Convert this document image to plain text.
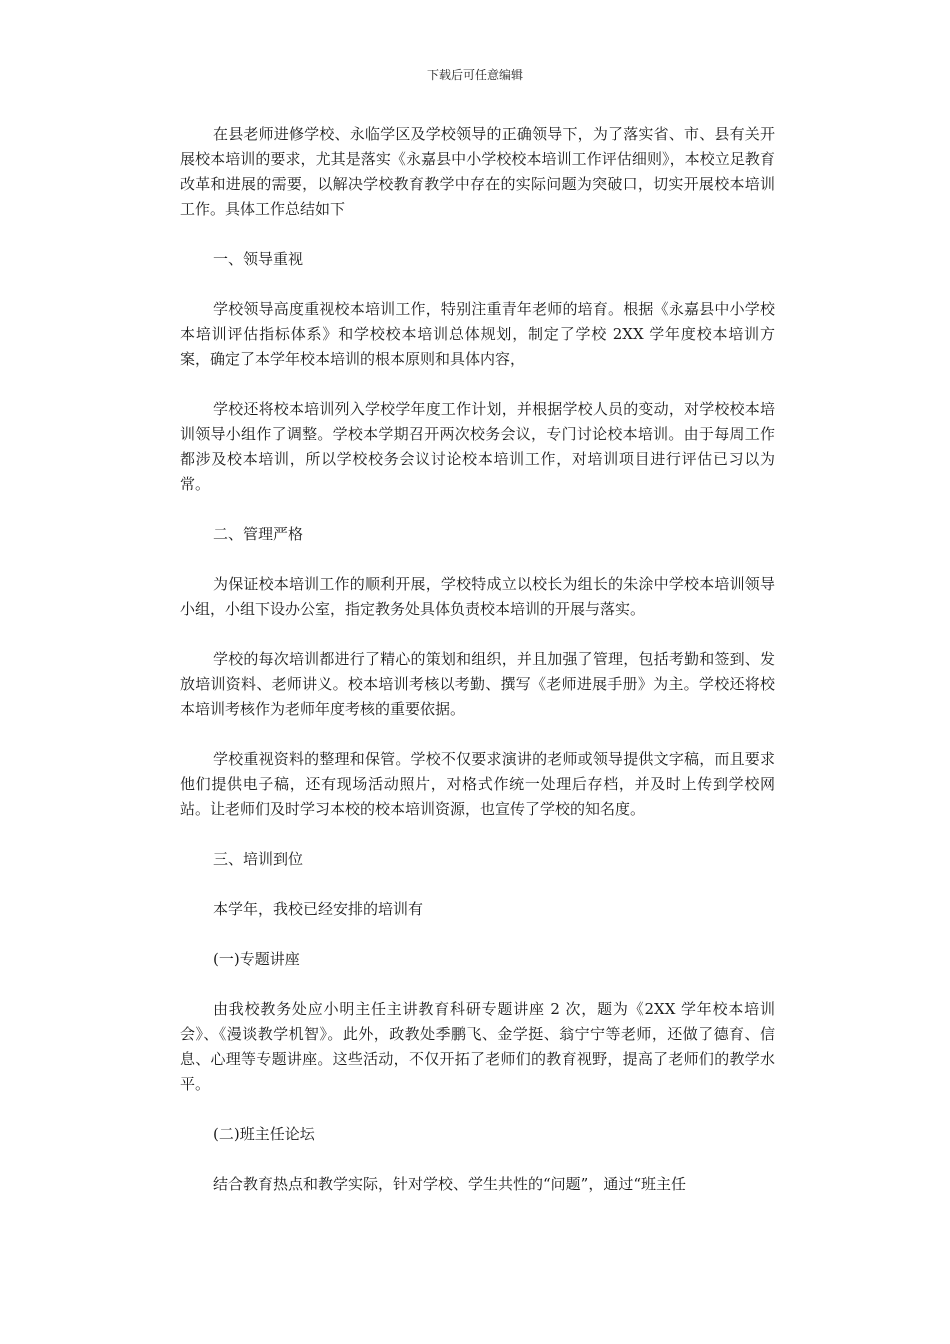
下载后可任意编辑

在县老师进修学校、永临学区及学校领导的正确领导下，为了落实省、市、县有关开展校本培训的要求，尤其是落实《永嘉县中小学校校本培训工作评估细则》，本校立足教育改革和进展的需要，以解决学校教育教学中存在的实际问题为突破口，切实开展校本培训工作。具体工作总结如下

一、领导重视

学校领导高度重视校本培训工作，特别注重青年老师的培育。根据《永嘉县中小学校本培训评估指标体系》和学校校本培训总体规划，制定了学校 2XX 学年度校本培训方案，确定了本学年校本培训的根本原则和具体内容，

学校还将校本培训列入学校学年度工作计划，并根据学校人员的变动，对学校校本培训领导小组作了调整。学校本学期召开两次校务会议，专门讨论校本培训。由于每周工作都涉及校本培训，所以学校校务会议讨论校本培训工作，对培训项目进行评估已习以为常。

二、管理严格

为保证校本培训工作的顺利开展，学校特成立以校长为组长的朱涂中学校本培训领导小组，小组下设办公室，指定教务处具体负责校本培训的开展与落实。

学校的每次培训都进行了精心的策划和组织，并且加强了管理，包括考勤和签到、发放培训资料、老师讲义。校本培训考核以考勤、撰写《老师进展手册》为主。学校还将校本培训考核作为老师年度考核的重要依据。

学校重视资料的整理和保管。学校不仅要求演讲的老师或领导提供文字稿，而且要求他们提供电子稿，还有现场活动照片，对格式作统一处理后存档，并及时上传到学校网站。让老师们及时学习本校的校本培训资源，也宣传了学校的知名度。

三、培训到位

本学年，我校已经安排的培训有

(一)专题讲座

由我校教务处应小明主任主讲教育科研专题讲座 2 次，题为《2XX 学年校本培训会》、《漫谈教学机智》。此外，政教处季鹏飞、金学挺、翁宁宁等老师，还做了德育、信息、心理等专题讲座。这些活动，不仅开拓了老师们的教育视野，提高了老师们的教学水平。

(二)班主任论坛

结合教育热点和教学实际，针对学校、学生共性的“问题”，通过“班主任
